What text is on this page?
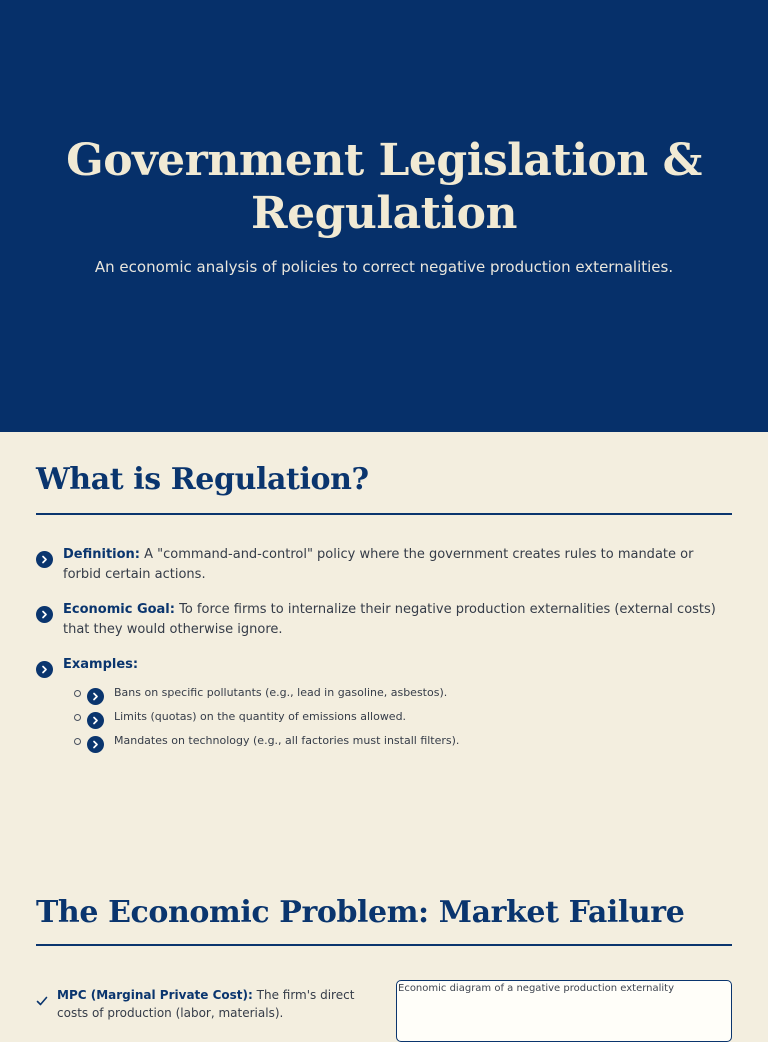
Government Legislation & Regulation

An economic analysis of policies to correct negative production externalities.

What is Regulation?
Definition: A "command-and-control" policy where the government creates rules to mandate or forbid certain actions.
Economic Goal: To force firms to internalize their negative production externalities (external costs) that they would otherwise ignore.
Examples:
Bans on specific pollutants (e.g., lead in gasoline, asbestos).
Limits (quotas) on the quantity of emissions allowed.
Mandates on technology (e.g., all factories must install filters).
The Economic Problem: Market Failure
MPC (Marginal Private Cost): The firm's direct costs of production (labor, materials).
Economic diagram of a negative production externality
